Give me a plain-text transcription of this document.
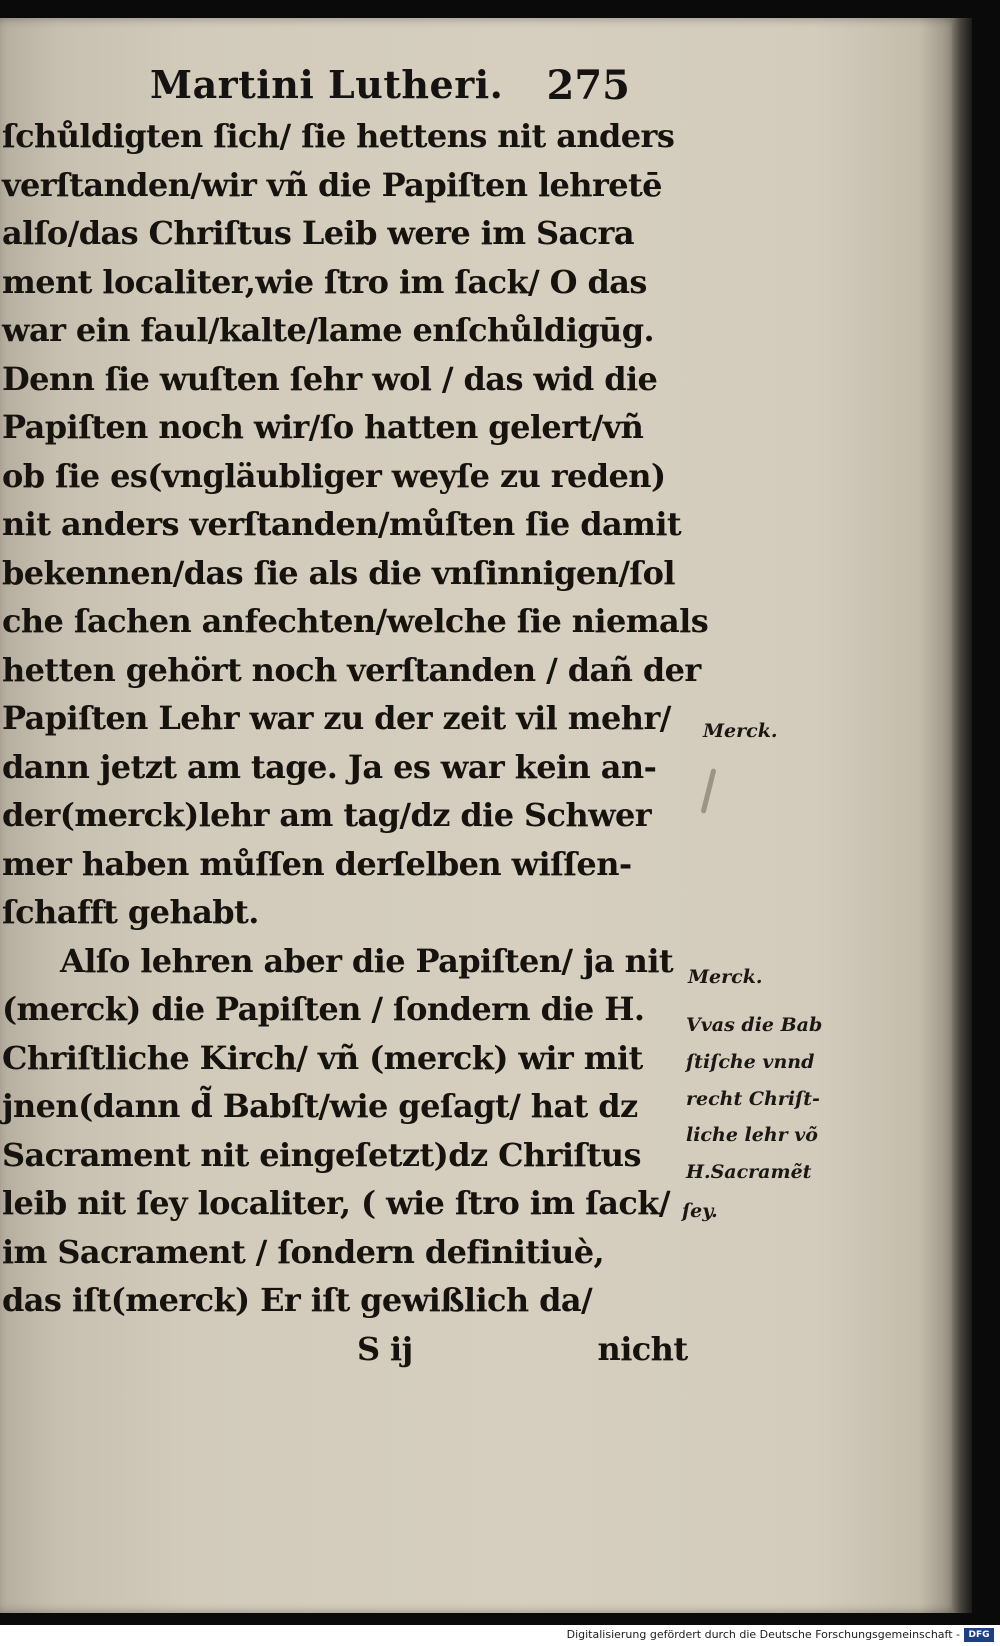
Martini Lutheri. 275
ſchůldigten ſich/ ſie hettens nit anders
verſtanden/wir vñ die Papiſten lehretē
alſo/das Chriſtus Leib were im Sacra
ment localiter,wie ſtro im ſack/ O das
war ein faul/kalte/lame enſchůldigūg.
Denn ſie wuſten ſehr wol / das wid die
Papiſten noch wir/ſo hatten gelert/vñ
ob ſie es(vngläubliger weyſe zu reden)
nit anders verſtanden/můſten ſie damit
bekennen/das ſie als die vnſinnigen/ſol
che ſachen anfechten/welche ſie niemals
hetten gehört noch verſtanden / dañ der
Papiſten Lehr war zu der zeit vil mehr/
dann jetzt am tage. Ja es war kein an-
der(merck)lehr am tag/dz die Schwer
mer haben můſſen derſelben wiſſen-
ſchafft gehabt.
Alſo lehren aber die Papiſten/ ja nit
(merck) die Papiſten / ſondern die H.
Chriſtliche Kirch/ vñ (merck) wir mit
jnen(dann d̃ Babſt/wie geſagt/ hat dz
Sacrament nit eingeſetzt)dz Chriſtus
leib nit ſey localiter, ( wie ſtro im ſack/
im Sacrament / ſondern definitiuè,
das iſt(merck) Er iſt gewißlich da/
S ij	nicht
Merck.
Merck.
Vvas die Bab
ſtiſche vnnd
recht Chriſt-
liche lehr võ
H.Sacramẽt
ſey.
Digitalisierung gefördert durch die Deutsche Forschungsgemeinschaft - DFG
